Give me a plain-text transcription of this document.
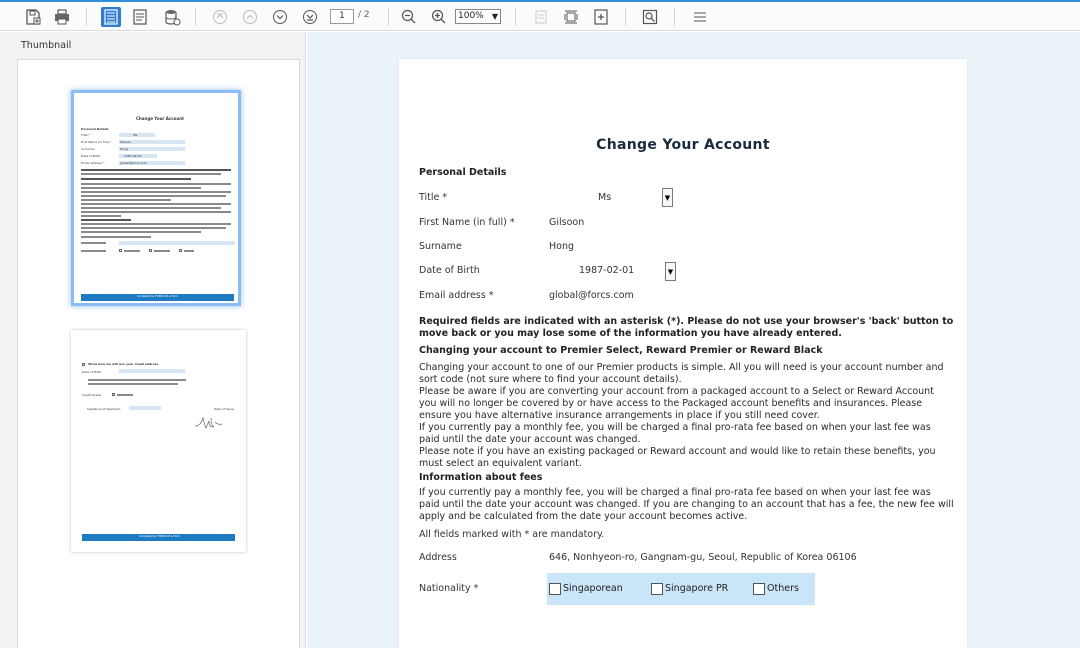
1	/ 2	100% ▼
Thumbnail
Change Your Account
Personal Details
Title *	Ms
First Name (in full) *	Gilsoon
Surname	Hong
Date of Birth	1987-02-01
Email address *	global@forcs.com
Completed by FORCS OZ e-Form
Show how we will use your email address
Date of Birth
Credit Grade
Signature of Applicant	Date of Issue
Completed by FORCS OZ e-Form
Change Your Account
Personal Details
Title *	Ms	▼
First Name (in full) *	Gilsoon
Surname	Hong
Date of Birth	1987-02-01	▼
Email address *	global@forcs.com
Required fields are indicated with an asterisk (*). Please do not use your browser's 'back' button to move back or you may lose some of the information you have already entered.
Changing your account to Premier Select, Reward Premier or Reward Black
Changing your account to one of our Premier products is simple. All you will need is your account number and sort code (not sure where to find your account details).
Please be aware if you are converting your account from a packaged account to a Select or Reward Account you will no longer be covered by or have access to the Packaged account benefits and insurances. Please ensure you have alternative insurance arrangements in place if you still need cover.
If you currently pay a monthly fee, you will be charged a final pro-rata fee based on when your last fee was paid until the date your account was changed.
Please note if you have an existing packaged or Reward account and would like to retain these benefits, you must select an equivalent variant.
Information about fees
If you currently pay a monthly fee, you will be charged a final pro-rata fee based on when your last fee was paid until the date your account was changed. If you are changing to an account that has a fee, the new fee will apply and be calculated from the date your account becomes active.
All fields marked with * are mandatory.
Address	646, Nonhyeon-ro, Gangnam-gu, Seoul, Republic of Korea 06106
Nationality *	Singaporean	Singapore PR	Others
